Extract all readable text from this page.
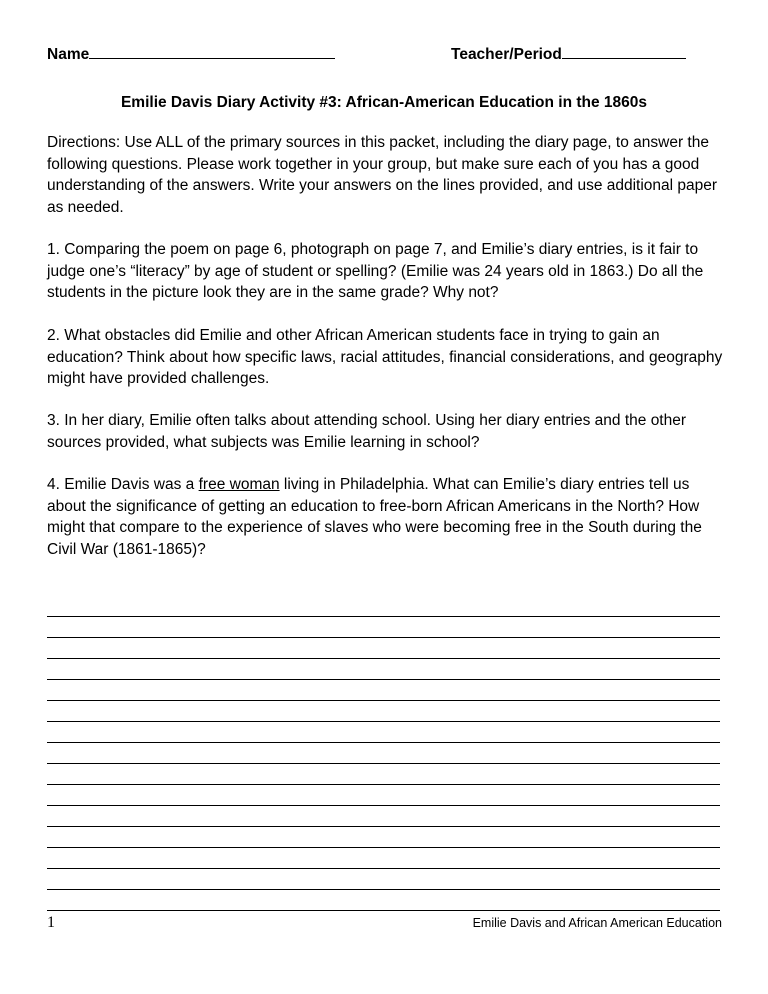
Name	Teacher/Period
Emilie Davis Diary Activity #3: African-American Education in the 1860s

Directions: Use ALL of the primary sources in this packet, including the diary page, to answer the following questions. Please work together in your group, but make sure each of you has a good understanding of the answers. Write your answers on the lines provided, and use additional paper as needed.

1. Comparing the poem on page 6, photograph on page 7, and Emilie’s diary entries, is it fair to judge one’s “literacy” by age of student or spelling? (Emilie was 24 years old in 1863.) Do all the students in the picture look they are in the same grade? Why not?

2. What obstacles did Emilie and other African American students face in trying to gain an education? Think about how specific laws, racial attitudes, financial considerations, and geography might have provided challenges.

3. In her diary, Emilie often talks about attending school. Using her diary entries and the other sources provided, what subjects was Emilie learning in school?

4. Emilie Davis was a free woman living in Philadelphia. What can Emilie’s diary entries tell us about the significance of getting an education to free-born African Americans in the North? How might that compare to the experience of slaves who were becoming free in the South during the Civil War (1861-1865)?

1	Emilie Davis and African American Education
